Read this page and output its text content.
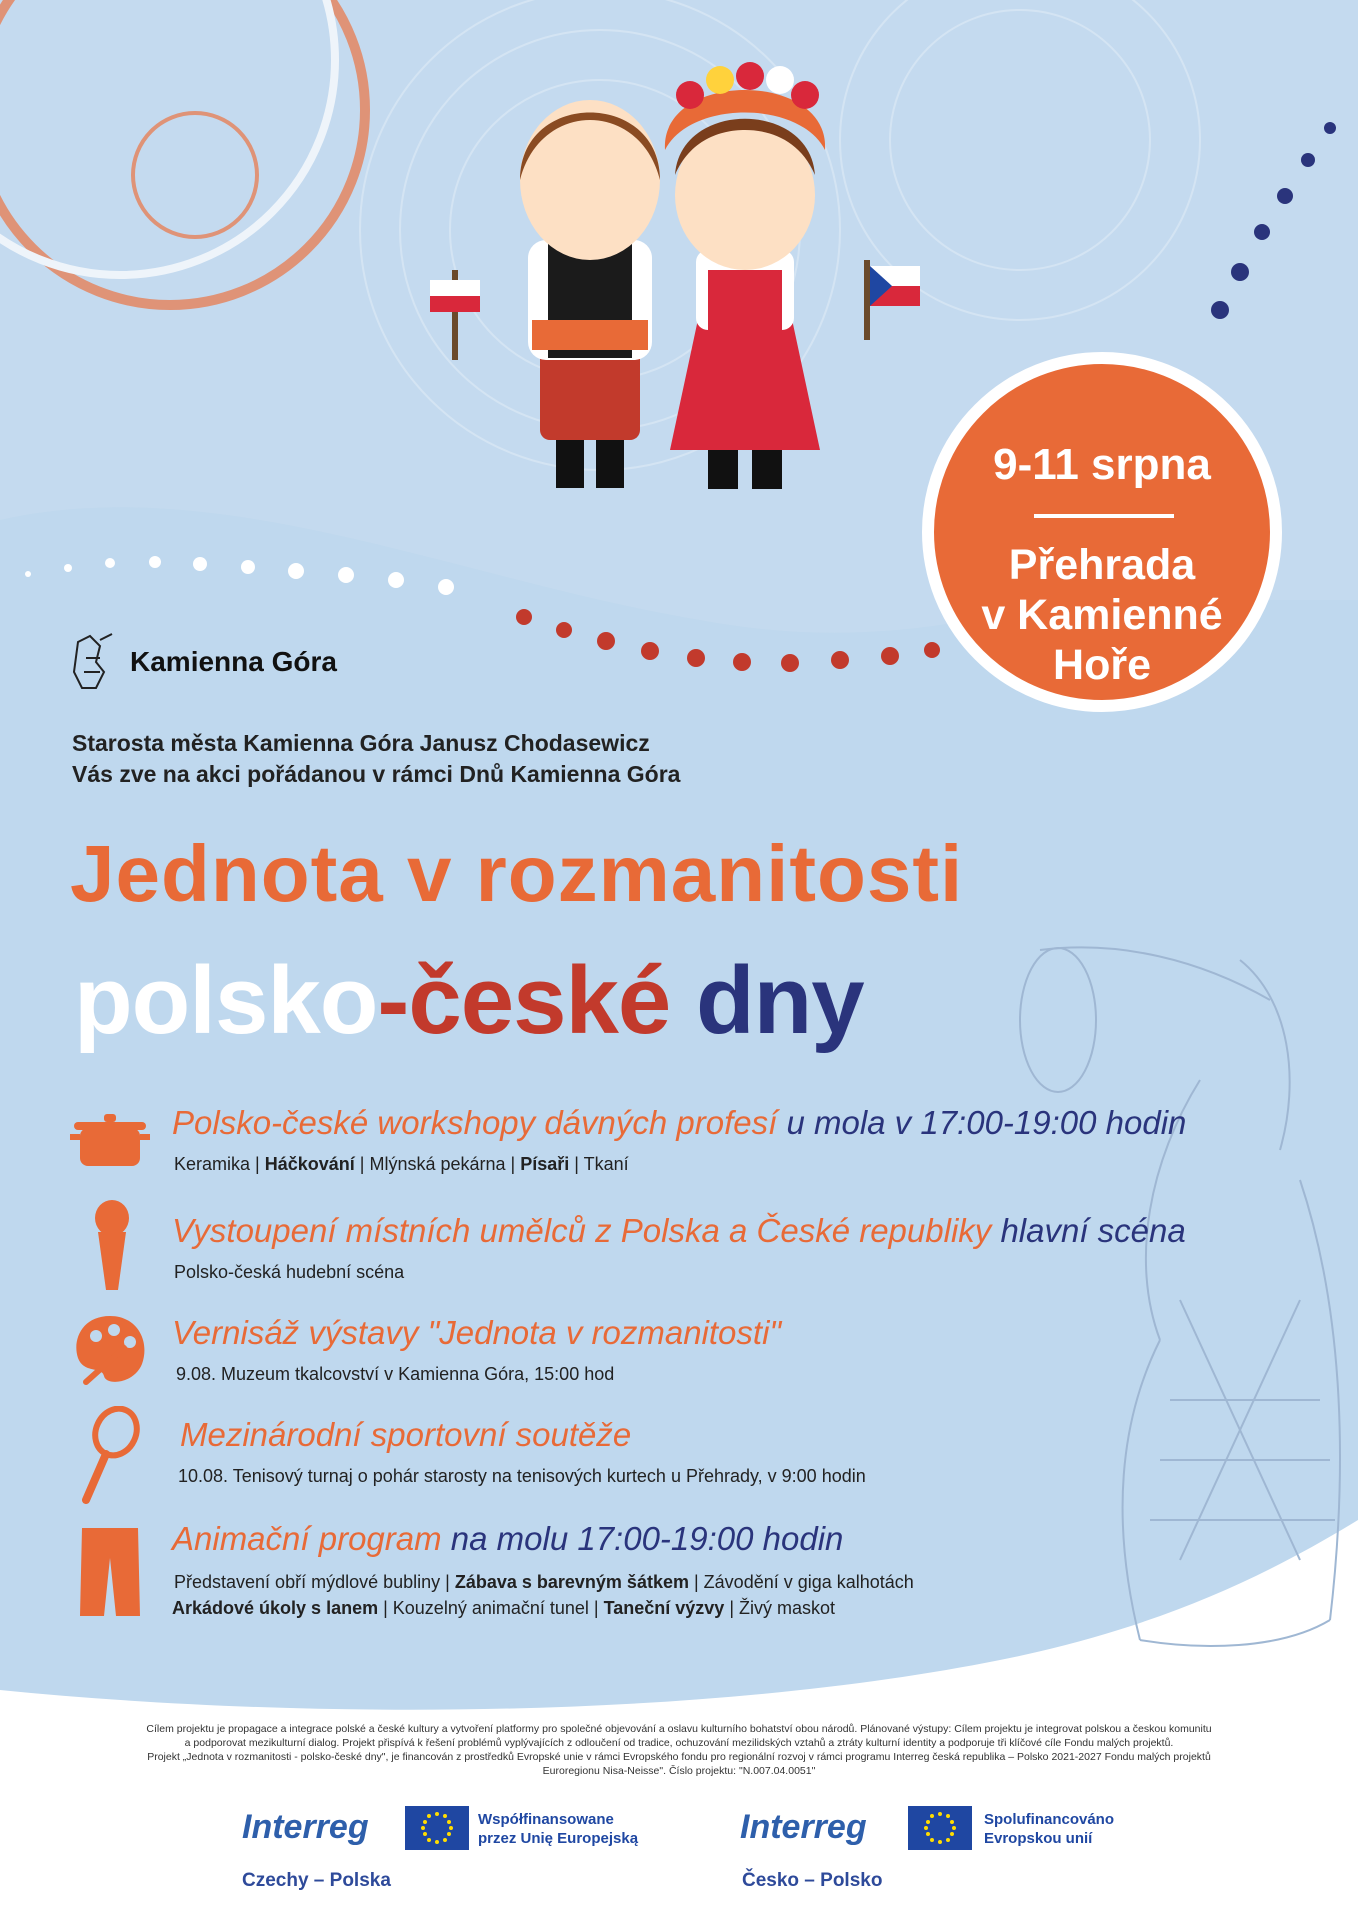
9-11 srpna
Přehrada
v Kamienné
Hoře
Kamienna Góra
Starosta města Kamienna Góra Janusz Chodasewicz
Vás zve na akci pořádanou v rámci Dnů Kamienna Góra
Jednota v rozmanitosti
polsko-české dny
Polsko-české workshopy dávných profesí u mola v 17:00-19:00 hodin
Keramika | Háčkování | Mlýnská pekárna | Písaři | Tkaní
Vystoupení místních umělců z Polska a České republiky hlavní scéna
Polsko-česká hudební scéna
Vernisáž výstavy "Jednota v rozmanitosti"
9.08. Muzeum tkalcovství v Kamienna Góra, 15:00 hod
Mezinárodní sportovní soutěže
10.08. Tenisový turnaj o pohár starosty na tenisových kurtech u Přehrady, v 9:00 hodin
Animační program na molu 17:00-19:00 hodin
Představení obří mýdlové bubliny | Zábava s barevným šátkem | Závodění v giga kalhotách
Arkádové úkoly s lanem | Kouzelný animační tunel | Taneční výzvy | Živý maskot
Cílem projektu je propagace a integrace polské a české kultury a vytvoření platformy pro společné objevování a oslavu kulturního bohatství obou národů. Plánované výstupy: Cílem projektu je integrovat polskou a českou komunitu
a podporovat mezikulturní dialog. Projekt přispívá k řešení problémů vyplývajících z odloučení od tradice, ochuzování mezilidských vztahů a ztráty kulturní identity a podporuje tři klíčové cíle Fondu malých projektů.
Projekt „Jednota v rozmanitosti - polsko-české dny", je financován z prostředků Evropské unie v rámci Evropského fondu pro regionální rozvoj v rámci programu Interreg česká republika – Polsko 2021-2027 Fondu malých projektů
Euroregionu Nisa-Neisse". Číslo projektu: "N.007.04.0051"
Interreg	Współfinansowane
przez Unię Europejską
Czechy – Polska
Interreg	Spolufinancováno
Evropskou unií
Česko – Polsko
